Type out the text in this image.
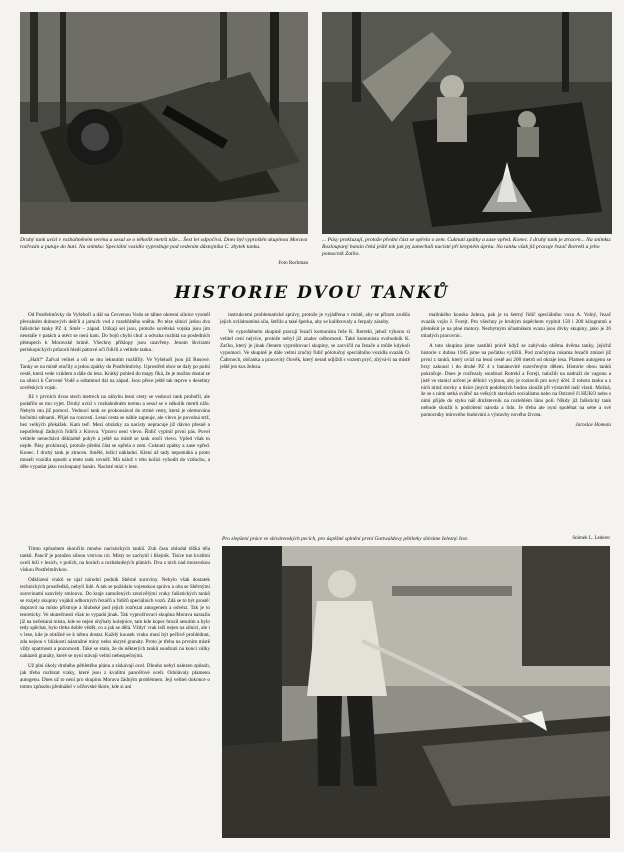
Druhý tank uvízl v rozbahněném terénu a sesul se o několik metrů níže... Šest let odpočívá. Dnes byl vyproštěn skupinou Morava rozřezán a putuje do hutí. Na snímku: Speciální vozidlo vyproštuje pod vedením důstojníka C. zbytek tanku.
Foto Rochman
... Pásy prokluzují, protože přední část se opřela o zem. Cuknutí zpátky a zase vpřed. Konec. I druhý tank je ztracen... Na snímku: Rozloupaný banán čeká ještě tok jak jej zanechali nacisté při krepném úprku. Na tanku však již pracuje řezač Rotrekl a jeho pomocník Zaťko.
HISTORIE DVOU TANKŮ

Od Postřelmůvky do Vyšehoří a dál na Červenou Vodu se táhne okresní silnice vysměl převalném dubnových dešťů a jarních vod z rozehřátého sněhu. Po téze silnici jedou dva fašistické tanky PZ 4. Směr – západ. Utíkají sel jsou, protože sovětská vojska jsou jim neustále v patách a utéct se není kam. Do bojů chybí chuť a odvaha rozbitá na posledních pěstupech k Moravské bráně. Všechny příklopy jsou uzavřeny. Jenom škvírami periskopických průzorů hledí pátravé oči řidičů a velitele tanku.

„Halt!“ Zařval velitel a oči se mu leknutím rozšířily. Ve Vyšehoří jsou již Rusové. Tanky se na místě otočily a jedou zpátky do Postřelmůvky. Uprostřed obce se daly po polní cestě, která vede vzůdem a dále do lesa. Krátký pohled do mapy říká, že je možno dostat se na silnici k Červené Vodě a odtamtud dál na západ. Jsou přece ještě tak teprve s desetiny sovětských vojsk.

Již v prvních dvou stech metrech na záhybu lesní cesty se vedoucí tank probořil, ale podařilo se mu vyjet. Druhý uvízl v rozbahněném terénu a sesul se o několik metrů níže. Nebylo mu již pomoci. Vedoucí tank se prokousával do strmé cesty, která je olemována bočními stěnami. Přijel na rozcestí. Lesní cesta se náhle zapnuje, ale vlevo je povolná strž, bez velkých překážek. Kam teď. Mezi obrázky za nacisty nepracuje již dávno přesně a nepotřebují žádných řidičů z Kirova. Vpravo není vlevo. Řidič vyplnil první pás. Povel velitele nenechává důkladně pohyb a ještě na místě se tank otočí vlevo. Vpřed však to nejde. Pásy prokluzují, protože přední část se opřela o zem. Cuknutí zpátky a zase vpřed. Konec. I druhý tank je ztracen. Smělé, ležící nákladní. Klení už tady nepomáhá a proto museli vozidla opustit a tento tank rovněž. Má nálož v této kolizi vyhodit do vzduchu, a děle vypadat jako rozloupaný banán. Nacisté mizí v lese.

instrukcemi problematické správy, protože je vyjádřena v místě, aby se přitom zrušila jejich ovládnutelná síla, šetřilo a také šperka, aby se kalibrovaly a čerpaly zásoby.

Ve vyproštěném skupině pracují řezači komunista řeže K. Rotrekl, jehož výkonu si velitel cení nejvíce, protože nebyl již znalec odbornosti. Také komunista svobodník K. Zaťko, který je jinak členem vyproštovací skupiny, se zacvičil na řezače a může kdykoli vypomoci. Ve skupině je dále velmi zručný řidič pólotučný speciálního vozidla svazák O. Čabrnoch, občanka a pracovitý člověk, který nerad odjíždí s vozem pryč, zbývá-li na místě ještě jen kus železa.

malinkého kousku železa, pak je tu šetrný řidič speciálního vozu A. Volný, řezač svazák vojín J. Forejt. Pro všechny je hrubým úspěchem vyplnit 150 i 200 kilogramů a přeměnit je na plné motory. Nezbytným účastníkem svazu jsou dívky skupiny, jako je 26 mladých pracovnic.

A tuto skupinu jsme zastihli právě když se zabývala oběma dvěma tanky, jejichž historie z dubna 1945 jsme na počátku vylíčili. Pod zručnýma rukama řezačů zmizel již první z tanků, který uvízl na lesní cestě asi 200 metrů od okraje lesa. Plamen autogenu se brzy zakousl i do druhé PZ 4 s banánovitě rozevřeným dělem. Historie obou tanků pokračuje. Dnes je rozřezaly soudruzi Rotrekl a Forejt, naložili na nádraží do vagonu a jistě ve stanici určení je dělníci vyjmou, aby je roztavili pro nový účel. Z tohoto tanku a z nich nímž stovky a tisíce jiných podobných budou sloužit při výstavbě naší vlasti. Možná, že se s nimi setká svářeč na velkých stavbách socialismu nebo na Ostravě či HUKO nebo s nimi přijde do styku náš družstevník na rozlehlém lánu polí. Nikdy již fašistický tank nebude sloužit k podrobení národa a lidu. Je třeba ale nyní spoléhat na sebe a své pomocníky mírového budování a výstavby nového života.

Jaroslav Homola
Pro zlepšení práce ve slévárenských pecích, pro úspěšné splnění první Gottwaldovy pětiletky sbíráme železný šrot.	Snímek L. Lederer

Tímto způsobem skončilo mnoho nacistických tanků. Zub času ohlodal těžká těla tanků. Pancíř je potažen silnou vrstvou rzi. Místy se zachytil i lišejník. Tisíce tun kvalitní oceli leží v lesích, v polích, na horách a rozbahněných pláních. Dva z nich nad moravskou vískou Postřelmůvkou.

Odklizení vraků se ujal národní podnik Sběrné suroviny. Nebylo však dostatek technických prostředků, nebyli lidé. A tak se požádalo vojenskou správu a oba se Sběrnými surovinami uzavřely smlouvu. Do kraje zamořených zrezivělými vraky fašistických tanků se rozjely skupiny vojáků odborných řezačů a řidičů speciálních vozů. Zdá se to být prostě: dopravit na místo přístroje a hluboké pod jejich rozřezat autogenem a odvézt. Tak je to teoreticky. Ve skutečnosti však to vypadá jinak. Tak vyprošťovací skupina Morava narazila již na nečekaná místa, kde se nejen ohýbaly kolejnice, tam kde kopec hrozil sesutím a bylo tedy spěchat, bylo třeba dobře vědět, co a jak se dělá. Vždyť vrak leží nejen na silnici, ale i v lese, kde je obtížné se k němu dostat. Každý kousek vraku musí být pečlivě prohlédnut, zda nejsou v blízkosti nástražné miny nebo ukryté granáty. Proto je třeba na prvním místě vždy opatrnosti a pozornosti. Také se stalo, že do některých tanků soudruzi na konci války naházeli granáty, které se nyní stávají velmi nebezpečnými.

Už plní úkoly druhého pětiletého plánu a získávají ocel. Dlouho nebyl nalezen způsob, jak třeba rozřezat vraky, které jsou z kvalitní pancéřové oceli. Odolávaly plamenu autogenu. Dnes už to není pro skupinu Morava žádným problémem. Její velitel dokonce o tomto způsobu přednášel v učňovské škole, kde si ani
